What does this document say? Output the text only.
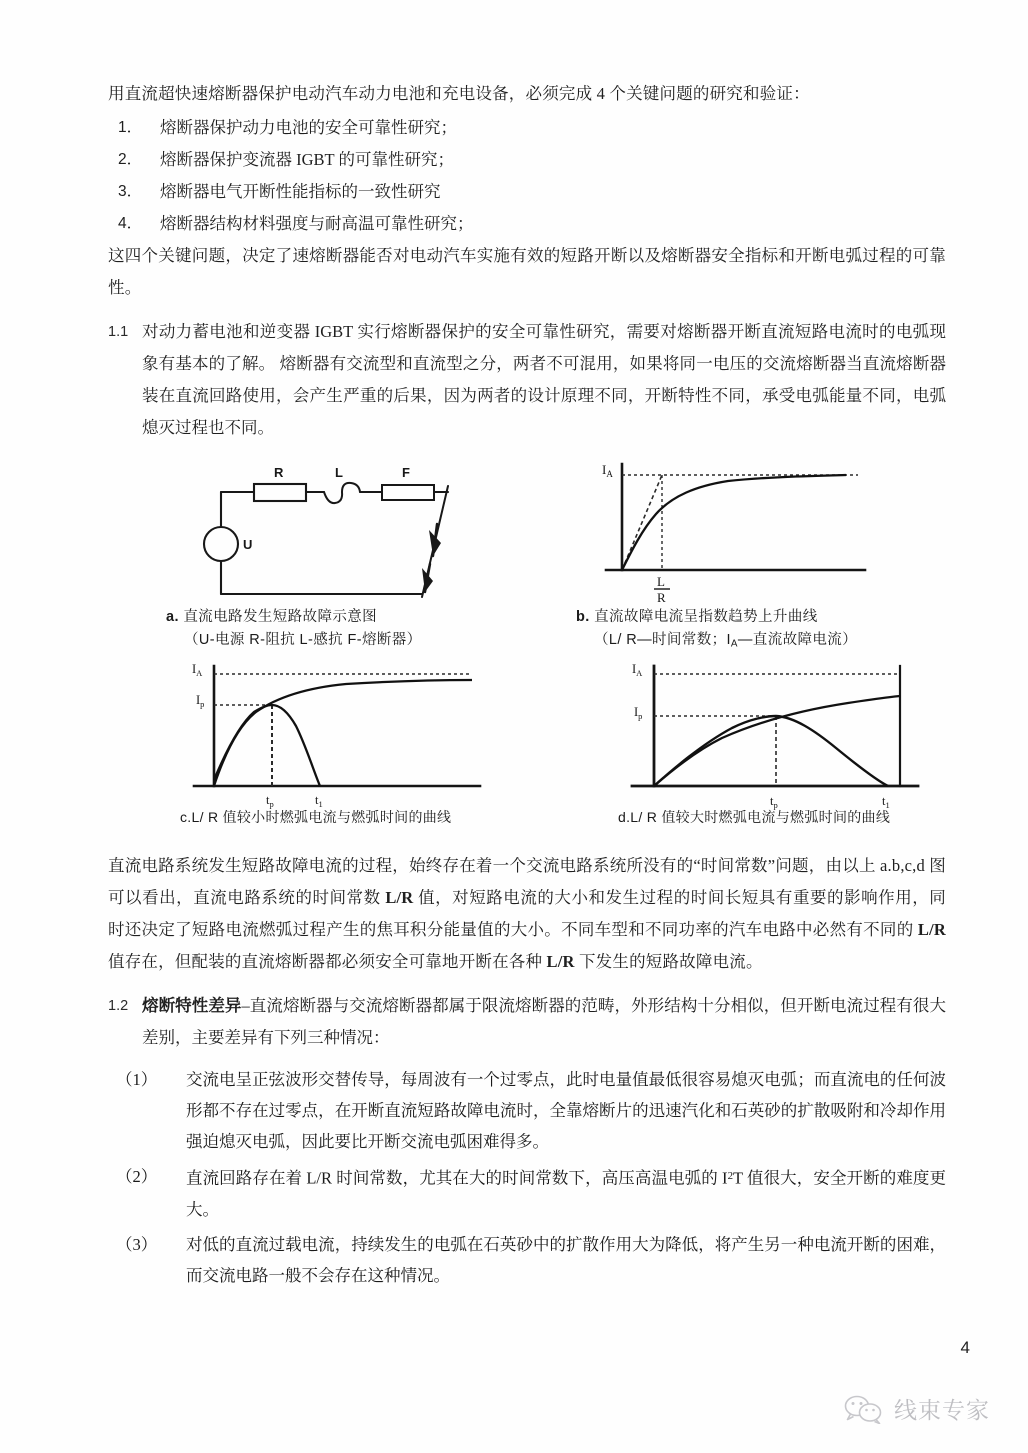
用直流超快速熔断器保护电动汽车动力电池和充电设备，必须完成 4 个关键问题的研究和验证：

1．	熔断器保护动力电池的安全可靠性研究；
2．	熔断器保护变流器 IGBT 的可靠性研究；
3．	熔断器电气开断性能指标的一致性研究
4．	熔断器结构材料强度与耐高温可靠性研究；

这四个关键问题，决定了速熔断器能否对电动汽车实施有效的短路开断以及熔断器安全指标和开断电弧过程的可靠性。

1.1 对动力蓄电池和逆变器 IGBT 实行熔断器保护的安全可靠性研究，需要对熔断器开断直流短路电流时的电弧现象有基本的了解。 熔断器有交流型和直流型之分，两者不可混用，如果将同一电压的交流熔断器当直流熔断器装在直流回路使用，会产生严重的后果，因为两者的设计原理不同，开断特性不同，承受电弧能量不同，电弧熄灭过程也不同。
R	L	F
U
$I_A$
L
R
a. 直流电路发生短路故障示意图
（U-电源 R-阻抗 L-感抗 F-熔断器）
b. 直流故障电流呈指数趋势上升曲线
（L/ R—时间常数；$I_A—$直流故障电流）
$I_A$
$I_p$
$t_p$	$t_1$
$I_A$
$I_p$
$t_p$	$t_1$
c.L/ R 值较小时燃弧电流与燃弧时间的曲线	d.L/ R 值较大时燃弧电流与燃弧时间的曲线

直流电路系统发生短路故障电流的过程，始终存在着一个交流电路系统所没有的“时间常数”问题，由以上 a.b,c,d 图可以看出，直流电路系统的时间常数 L/R 值，对短路电流的大小和发生过程的时间长短具有重要的影响作用，同时还决定了短路电流燃弧过程产生的焦耳积分能量值的大小。不同车型和不同功率的汽车电路中必然有不同的 L/R 值存在，但配装的直流熔断器都必须安全可靠地开断在各种 L/R 下发生的短路故障电流。

1.2 熔断特性差异–直流熔断器与交流熔断器都属于限流熔断器的范畴，外形结构十分相似，但开断电流过程有很大差别，主要差异有下列三种情况：
（1）	交流电呈正弦波形交替传导，每周波有一个过零点，此时电量值最低很容易熄灭电弧；而直流电的任何波形都不存在过零点，在开断直流短路故障电流时，全靠熔断片的迅速汽化和石英砂的扩散吸附和冷却作用强迫熄灭电弧，因此要比开断交流电弧困难得多。
（2）	直流回路存在着 L/R 时间常数，尤其在大的时间常数下，高压高温电弧的 $I^2T$ 值很大，安全开断的难度更大。
（3）	对低的直流过载电流，持续发生的电弧在石英砂中的扩散作用大为降低，将产生另一种电流开断的困难，而交流电路一般不会存在这种情况。
4
线束专家
